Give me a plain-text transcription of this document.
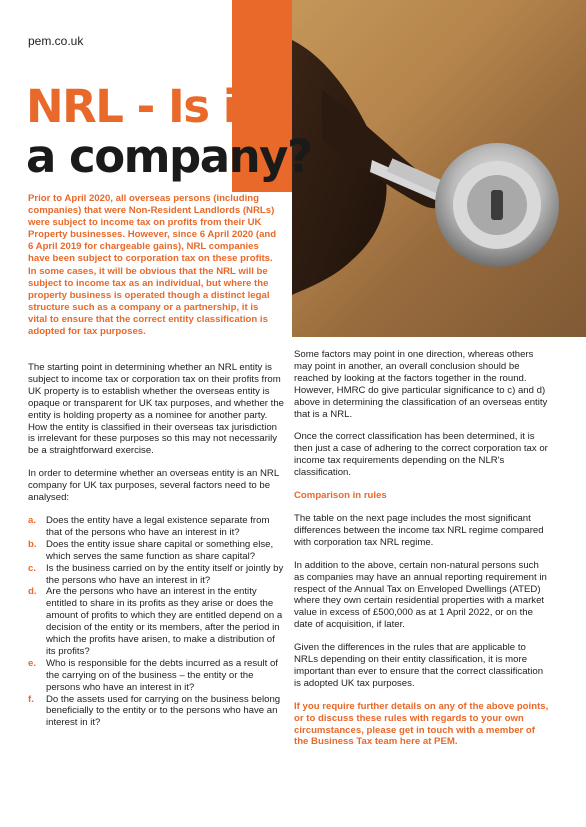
pem.co.uk
NRL - Is it
a company?
Prior to April 2020, all overseas persons (including companies) that were Non-Resident Landlords (NRLs) were subject to income tax on profits from their UK Property businesses. However, since 6 April 2020 (and 6 April 2019 for chargeable gains), NRL companies have been subject to corporation tax on these profits. In some cases, it will be obvious that the NRL will be subject to income tax as an individual, but where the property business is operated though a distinct legal structure such as a company or a partnership, it is vital to ensure that the correct entity classification is adopted for tax purposes.

The starting point in determining whether an NRL entity is subject to income tax or corporation tax on their profits from UK property is to establish whether the overseas entity is opaque or transparent for UK tax purposes, and whether the entity is holding property as a nominee for another party. How the entity is classified in their overseas tax jurisdiction is irrelevant for these purposes so this may not necessarily be a straightforward exercise.

In order to determine whether an overseas entity is an NRL company for UK tax purposes, several factors need to be analysed:

a. Does the entity have a legal existence separate from that of the persons who have an interest in it?
b. Does the entity issue share capital or something else, which serves the same function as share capital?
c. Is the business carried on by the entity itself or jointly by the persons who have an interest in it?
d. Are the persons who have an interest in the entity entitled to share in its profits as they arise or does the amount of profits to which they are entitled depend on a decision of the entity or its members, after the period in which the profits have arisen, to make a distribution of its profits?
e. Who is responsible for the debts incurred as a result of the carrying on of the business – the entity or the persons who have an interest in it?
f. Do the assets used for carrying on the business belong beneficially to the entity or to the persons who have an interest in it?

Some factors may point in one direction, whereas others may point in another, an overall conclusion should be reached by looking at the factors together in the round. However, HMRC do give particular significance to c) and d) above in determining the classification of an overseas entity that is a NRL.

Once the correct classification has been determined, it is then just a case of adhering to the correct corporation tax or income tax requirements depending on the NLR's classification.

Comparison in rules

The table on the next page includes the most significant differences between the income tax NRL regime compared with corporation tax NRL regime.

In addition to the above, certain non-natural persons such as companies may have an annual reporting requirement in respect of the Annual Tax on Enveloped Dwellings (ATED) where they own certain residential properties with a market value in excess of £500,000 as at 1 April 2022, or on the date of acquisition, if later.

Given the differences in the rules that are applicable to NRLs depending on their entity classification, it is more important than ever to ensure that the correct classification is adopted UK tax purposes.

If you require further details on any of the above points, or to discuss these rules with regards to your own circumstances, please get in touch with a member of the Business Tax team here at PEM.
